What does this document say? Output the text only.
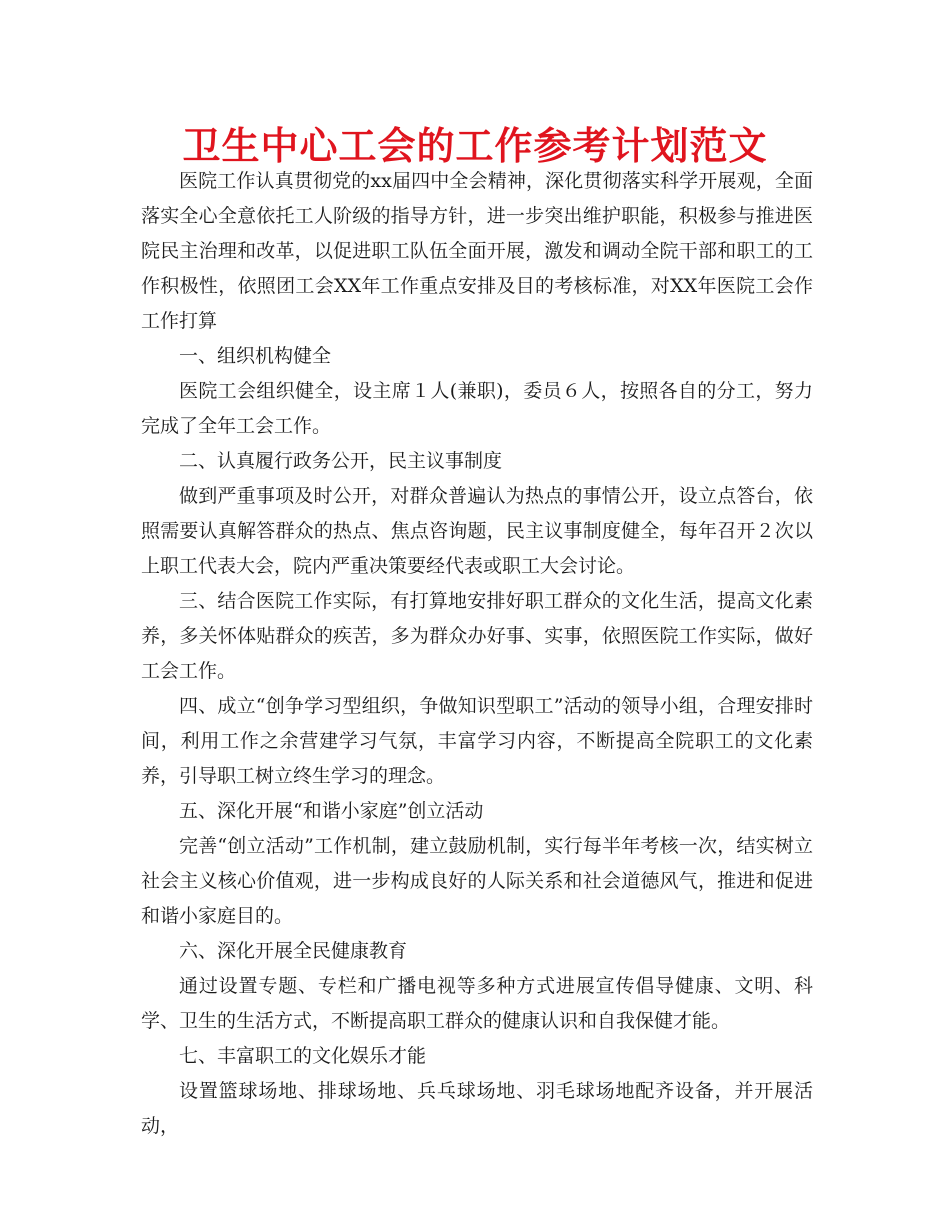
卫生中心工会的工作参考计划范文

医院工作认真贯彻党的xx届四中全会精神，深化贯彻落实科学开展观，全面落实全心全意依托工人阶级的指导方针，进一步突出维护职能，积极参与推进医院民主治理和改革，以促进职工队伍全面开展，激发和调动全院干部和职工的工作积极性，依照团工会XX年工作重点安排及目的考核标准，对XX年医院工会作工作打算

一、组织机构健全

医院工会组织健全，设主席１人(兼职)，委员６人，按照各自的分工，努力完成了全年工会工作。

二、认真履行政务公开，民主议事制度

做到严重事项及时公开，对群众普遍认为热点的事情公开，设立点答台，依照需要认真解答群众的热点、焦点咨询题，民主议事制度健全，每年召开２次以上职工代表大会，院内严重决策要经代表或职工大会讨论。

三、结合医院工作实际，有打算地安排好职工群众的文化生活，提高文化素养，多关怀体贴群众的疾苦，多为群众办好事、实事，依照医院工作实际，做好工会工作。

四、成立“创争学习型组织，争做知识型职工”活动的领导小组，合理安排时间，利用工作之余营建学习气氛，丰富学习内容，不断提高全院职工的文化素养，引导职工树立终生学习的理念。

五、深化开展“和谐小家庭”创立活动

完善“创立活动”工作机制，建立鼓励机制，实行每半年考核一次，结实树立社会主义核心价值观，进一步构成良好的人际关系和社会道德风气，推进和促进和谐小家庭目的。

六、深化开展全民健康教育

通过设置专题、专栏和广播电视等多种方式进展宣传倡导健康、文明、科学、卫生的生活方式，不断提高职工群众的健康认识和自我保健才能。

七、丰富职工的文化娱乐才能

设置篮球场地、排球场地、兵乓球场地、羽毛球场地配齐设备，并开展活动，
